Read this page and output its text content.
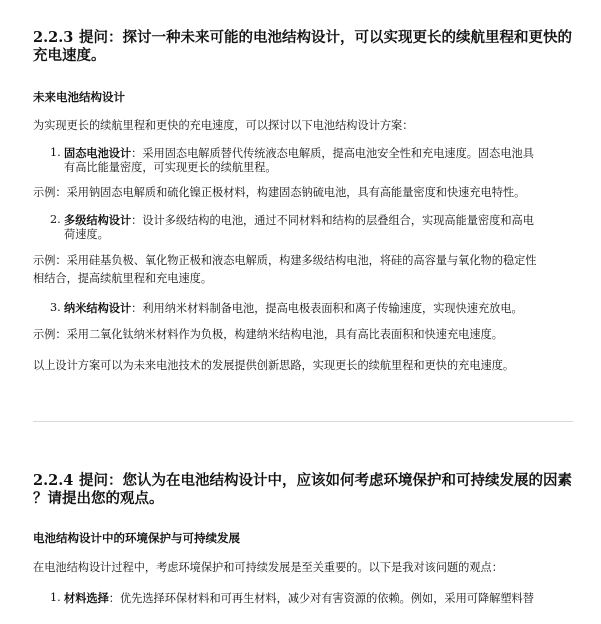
2.2.3 提问：探讨一种未来可能的电池结构设计，可以实现更长的续航里程和更快的
充电速度。
未来电池结构设计
为实现更长的续航里程和更快的充电速度，可以探讨以下电池结构设计方案：
1. 固态电池设计：采用固态电解质替代传统液态电解质，提高电池安全性和充电速度。固态电池具
有高比能量密度，可实现更长的续航里程。
示例：采用钠固态电解质和硫化镍正极材料，构建固态钠硫电池，具有高能量密度和快速充电特性。
2. 多级结构设计：设计多级结构的电池，通过不同材料和结构的层叠组合，实现高能量密度和高电
荷速度。
示例：采用硅基负极、氧化物正极和液态电解质，构建多级结构电池，将硅的高容量与氧化物的稳定性
相结合，提高续航里程和充电速度。
3. 纳米结构设计：利用纳米材料制备电池，提高电极表面积和离子传输速度，实现快速充放电。
示例：采用二氧化钛纳米材料作为负极，构建纳米结构电池，具有高比表面积和快速充电速度。
以上设计方案可以为未来电池技术的发展提供创新思路，实现更长的续航里程和更快的充电速度。
2.2.4 提问：您认为在电池结构设计中，应该如何考虑环境保护和可持续发展的因素
？请提出您的观点。
电池结构设计中的环境保护与可持续发展
在电池结构设计过程中，考虑环境保护和可持续发展是至关重要的。以下是我对该问题的观点：
1. 材料选择：优先选择环保材料和可再生材料，减少对有害资源的依赖。例如，采用可降解塑料替
